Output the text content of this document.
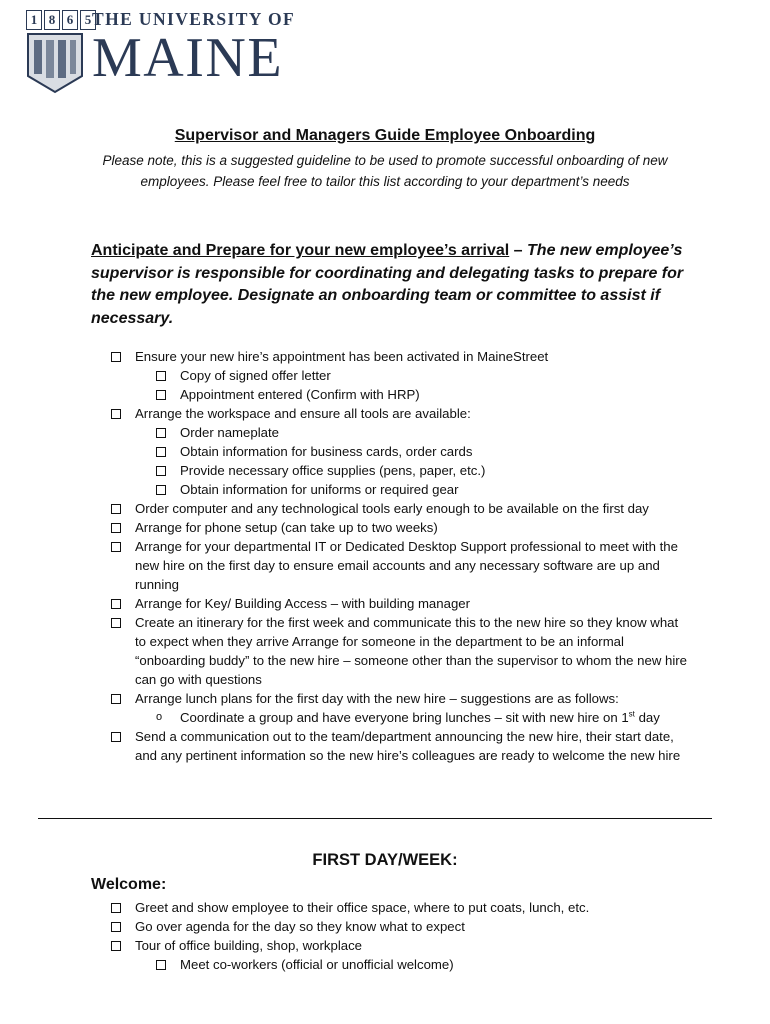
1 8 6 5 THE UNIVERSITY OF
MAINE
Supervisor and Managers Guide Employee Onboarding

Please note, this is a suggested guideline to be used to promote successful onboarding of new employees. Please feel free to tailor this list according to your department’s needs

Anticipate and Prepare for your new employee’s arrival – The new employee’s supervisor is responsible for coordinating and delegating tasks to prepare for the new employee. Designate an onboarding team or committee to assist if necessary.

Ensure your new hire’s appointment has been activated in MaineStreet
Copy of signed offer letter
Appointment entered (Confirm with HRP)
Arrange the workspace and ensure all tools are available:
Order nameplate
Obtain information for business cards, order cards
Provide necessary office supplies (pens, paper, etc.)
Obtain information for uniforms or required gear
Order computer and any technological tools early enough to be available on the first day
Arrange for phone setup (can take up to two weeks)
Arrange for your departmental IT or Dedicated Desktop Support professional to meet with the new hire on the first day to ensure email accounts and any necessary software are up and running
Arrange for Key/ Building Access – with building manager
Create an itinerary for the first week and communicate this to the new hire so they know what to expect when they arrive Arrange for someone in the department to be an informal “onboarding buddy” to the new hire – someone other than the supervisor to whom the new hire can go with questions
Arrange lunch plans for the first day with the new hire – suggestions are as follows:
o Coordinate a group and have everyone bring lunches – sit with new hire on 1st day
Send a communication out to the team/department announcing the new hire, their start date, and any pertinent information so the new hire’s colleagues are ready to welcome the new hire
FIRST DAY/WEEK:
Welcome:
Greet and show employee to their office space, where to put coats, lunch, etc.
Go over agenda for the day so they know what to expect
Tour of office building, shop, workplace
Meet co-workers (official or unofficial welcome)
